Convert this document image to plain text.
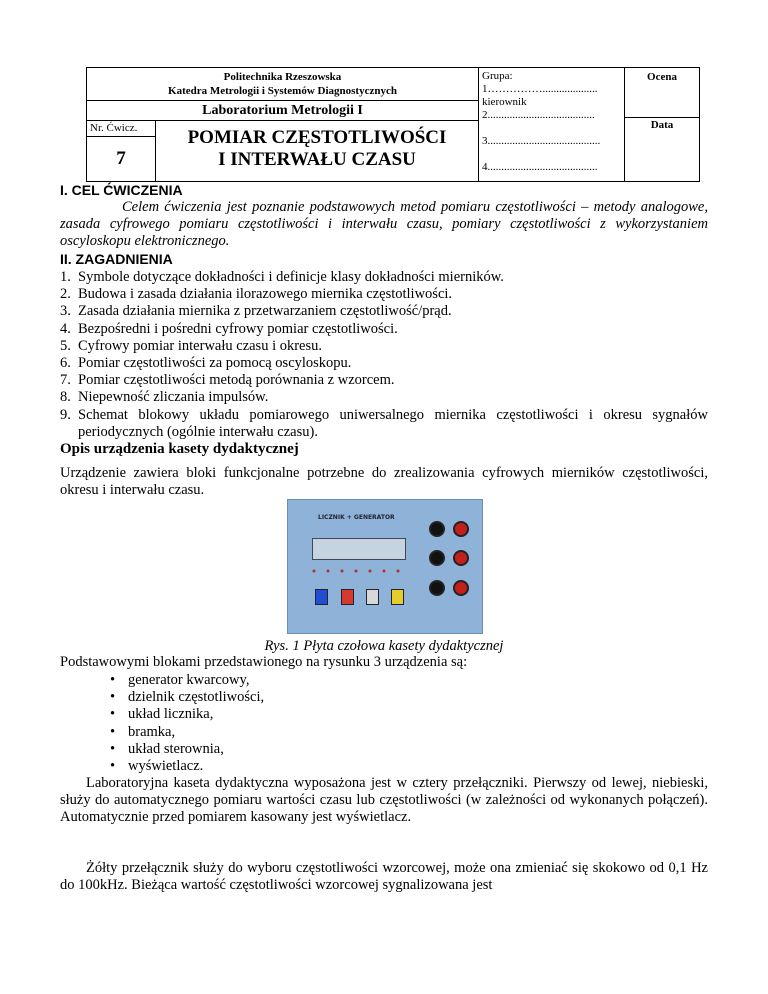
Politechnika Rzeszowska
Katedra Metrologii i Systemów Diagnostycznych
Laboratorium Metrologii I
Nr. Ćwicz.
7
POMIAR CZĘSTOTLIWOŚCI
I INTERWAŁU CZASU
Grupa:
1……………....................
kierownik
2.......................................

3.........................................

4........................................
Ocena
Data
I. CEL ĆWICZENIA
Celem ćwiczenia jest poznanie podstawowych metod pomiaru częstotliwości – metody analogowe, zasada cyfrowego pomiaru częstotliwości i interwału czasu, pomiary częstotliwości z wykorzystaniem oscyloskopu elektronicznego.
II. ZAGADNIENIA
1. Symbole dotyczące dokładności i definicje klasy dokładności mierników.
2. Budowa i zasada działania ilorazowego miernika częstotliwości.
3. Zasada działania miernika z przetwarzaniem częstotliwość/prąd.
4. Bezpośredni i pośredni cyfrowy pomiar częstotliwości.
5. Cyfrowy pomiar interwału czasu i okresu.
6. Pomiar częstotliwości za pomocą oscyloskopu.
7. Pomiar częstotliwości metodą porównania z wzorcem.
8. Niepewność zliczania impulsów.
9. Schemat blokowy układu pomiarowego uniwersalnego miernika częstotliwości i okresu sygnałów periodycznych (ogólnie interwału czasu).
Opis urządzenia kasety dydaktycznej
Urządzenie zawiera bloki funkcjonalne potrzebne do zrealizowania cyfrowych mierników częstotliwości, okresu i interwału czasu.
LICZNIK + GENERATOR
Rys. 1 Płyta czołowa kasety dydaktycznej
Podstawowymi blokami przedstawionego na rysunku 3 urządzenia są:
• generator kwarcowy,
• dzielnik częstotliwości,
• układ licznika,
• bramka,
• układ sterownia,
• wyświetlacz.
Laboratoryjna kaseta dydaktyczna wyposażona jest w cztery przełączniki. Pierwszy od lewej, niebieski, służy do automatycznego pomiaru wartości czasu lub częstotliwości (w zależności od wykonanych połączeń). Automatycznie przed pomiarem kasowany jest wyświetlacz.
Żółty przełącznik służy do wyboru częstotliwości wzorcowej, może ona zmieniać się skokowo od 0,1 Hz do 100kHz. Bieżąca wartość częstotliwości wzorcowej sygnalizowana jest
